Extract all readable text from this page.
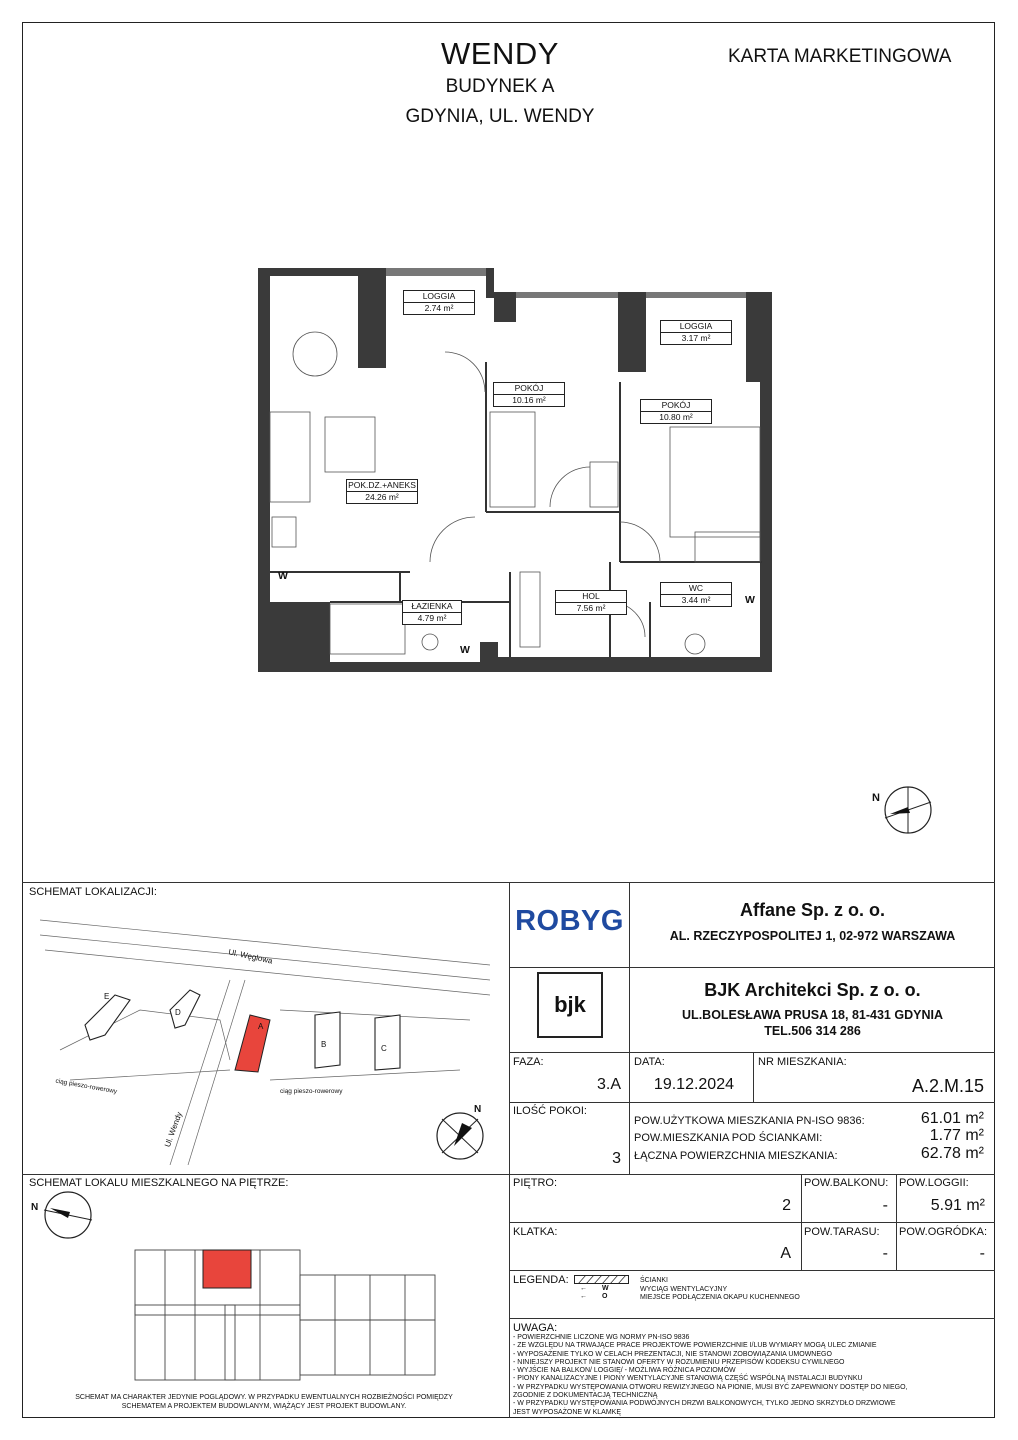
WENDY
BUDYNEK A
GDYNIA, UL. WENDY
KARTA MARKETINGOWA
LOGGIA
2.74 m²
LOGGIA
3.17 m²
POKÓJ
10.16 m²	POKÓJ
10.80 m²
POK.DZ.+ANEKS
24.26 m²
ŁAZIENKA
4.79 m²
HOL
7.56 m²
WC
3.44 m²
W
W
W
N
SCHEMAT LOKALIZACJI:
Ul. Węglowa
Ul. Wendy
ciąg pieszo-rowerowy	ciąg pieszo-rowerowy
E
D
A
B	C
N
SCHEMAT LOKALU MIESZKALNEGO NA PIĘTRZE:
N
SCHEMAT MA CHARAKTER JEDYNIE POGLĄDOWY. W PRZYPADKU EWENTUALNYCH ROZBIEŻNOŚCI POMIĘDZY
SCHEMATEM A PROJEKTEM BUDOWLANYM, WIĄŻĄCY JEST PROJEKT BUDOWLANY.
ROBYG	Affane Sp. z o. o.
AL. RZECZYPOSPOLITEJ 1, 02-972 WARSZAWA
bjk
BJK Architekci Sp. z o. o.
UL.BOLESŁAWA PRUSA 18, 81-431 GDYNIA
TEL.506 314 286
FAZA:
3.A
DATA:
19.12.2024
NR MIESZKANIA:
A.2.M.15
ILOŚĆ POKOI:
3
POW.UŻYTKOWA MIESZKANIA PN-ISO 9836:	61.01 m²
POW.MIESZKANIA POD ŚCIANKAMI:	1.77 m²
ŁĄCZNA POWIERZCHNIA MIESZKANIA:	62.78 m²
PIĘTRO:
2
POW.BALKONU:
-
POW.LOGGII:
5.91 m²
KLATKA:
A
POW.TARASU:
-
POW.OGRÓDKA:
-
LEGENDA:	ŚCIANKI
W
←	WYCIĄG WENTYLACYJNY
O
←	MIEJSCE PODŁĄCZENIA OKAPU KUCHENNEGO
UWAGA:
- POWIERZCHNIE LICZONE WG NORMY PN-ISO 9836
- ZE WZGLĘDU NA TRWAJĄCE PRACE PROJEKTOWE POWIERZCHNIE I/LUB WYMIARY MOGĄ ULEC ZMIANIE
- WYPOSAŻENIE TYLKO W CELACH PREZENTACJI, NIE STANOWI ZOBOWIĄZANIA UMOWNEGO
- NINIEJSZY PROJEKT NIE STANOWI OFERTY W ROZUMIENIU PRZEPISÓW KODEKSU CYWILNEGO
- WYJŚCIE NA BALKON/ LOGGIĘ/ - MOŻLIWA RÓŻNICA POZIOMÓW
- PIONY KANALIZACYJNE I PIONY WENTYLACYJNE STANOWIĄ CZĘŚĆ WSPÓLNĄ INSTALACJI BUDYNKU
- W PRZYPADKU WYSTĘPOWANIA OTWORU REWIZYJNEGO NA PIONIE, MUSI BYĆ ZAPEWNIONY DOSTĘP DO NIEGO,
ZGODNIE Z DOKUMENTACJĄ TECHNICZNĄ
- W PRZYPADKU WYSTĘPOWANIA PODWÓJNYCH DRZWI BALKONOWYCH, TYLKO JEDNO SKRZYDŁO DRZWIOWE
JEST WYPOSAŻONE W KLAMKĘ
